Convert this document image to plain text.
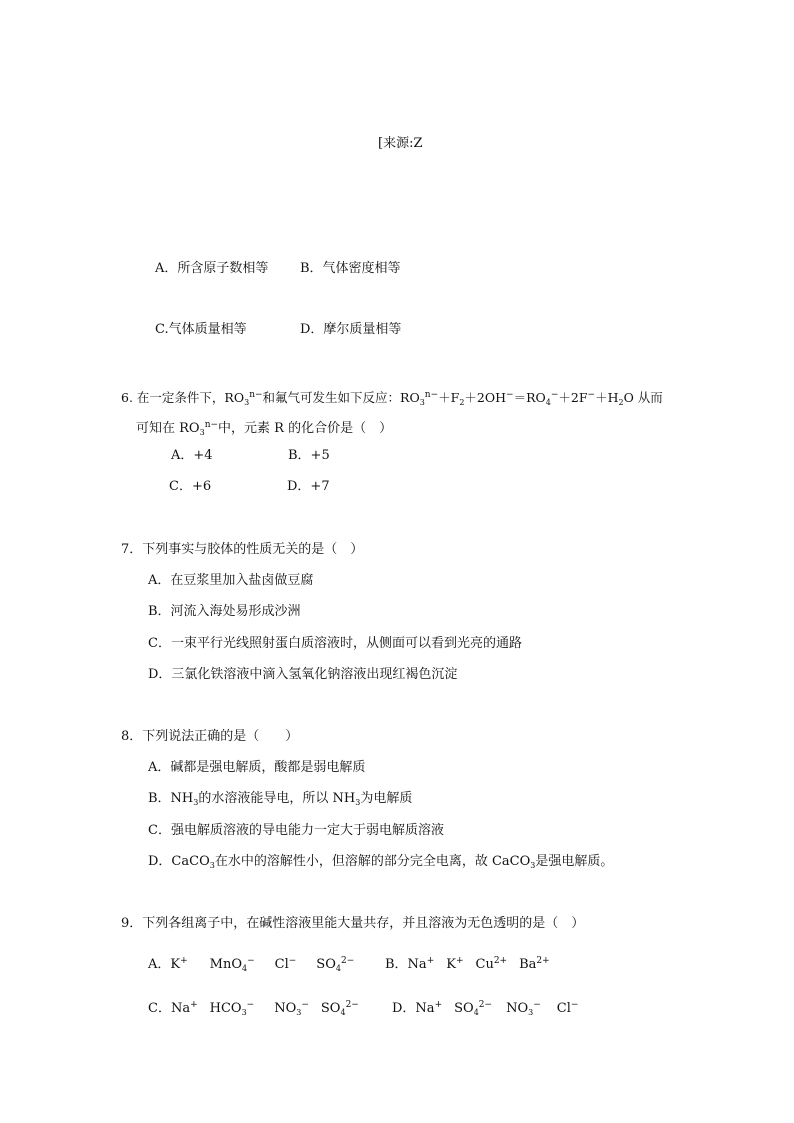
[来源:Z
A．所含原子数相等 B．气体密度相等
C.气体质量相等	D．摩尔质量相等
6. 在一定条件下，$RO_3^{n-}$和氟气可发生如下反应：$RO_3^{n-}+F_2+2OH^-=RO_4^-+2F^-+H_2O$ 从而
可知在 $RO_3^{n-}$中，元素 R 的化合价是（　）
A．+4	B．+5
C．+6	D．+7
7．下列事实与胶体的性质无关的是（　）
A．在豆浆里加入盐卤做豆腐
B．河流入海处易形成沙洲
C．一束平行光线照射蛋白质溶液时，从侧面可以看到光亮的通路
D．三氯化铁溶液中滴入氢氧化钠溶液出现红褐色沉淀
8．下列说法正确的是（　　）
A．碱都是强电解质，酸都是弱电解质
B．$NH_3$的水溶液能导电，所以 $NH_3$为电解质
C．强电解质溶液的导电能力一定大于弱电解质溶液
D．CaCO$_3$在水中的溶解性小，但溶解的部分完全电离，故 CaCO$_3$是强电解质。
9．下列各组离子中，在碱性溶液里能大量共存，并且溶液为无色透明的是（　）
A．K+ MnO$_4$− Cl− $SO_4^{2-}$ B．Na+ K+ $Cu^{2+}$ $Ba^{2+}$
C．Na+ $HCO_3^-$ $NO_3^-$ $SO_4^{2-}$	D．Na+ $SO_4^{2-}$ $NO_3^-$ Cl−
